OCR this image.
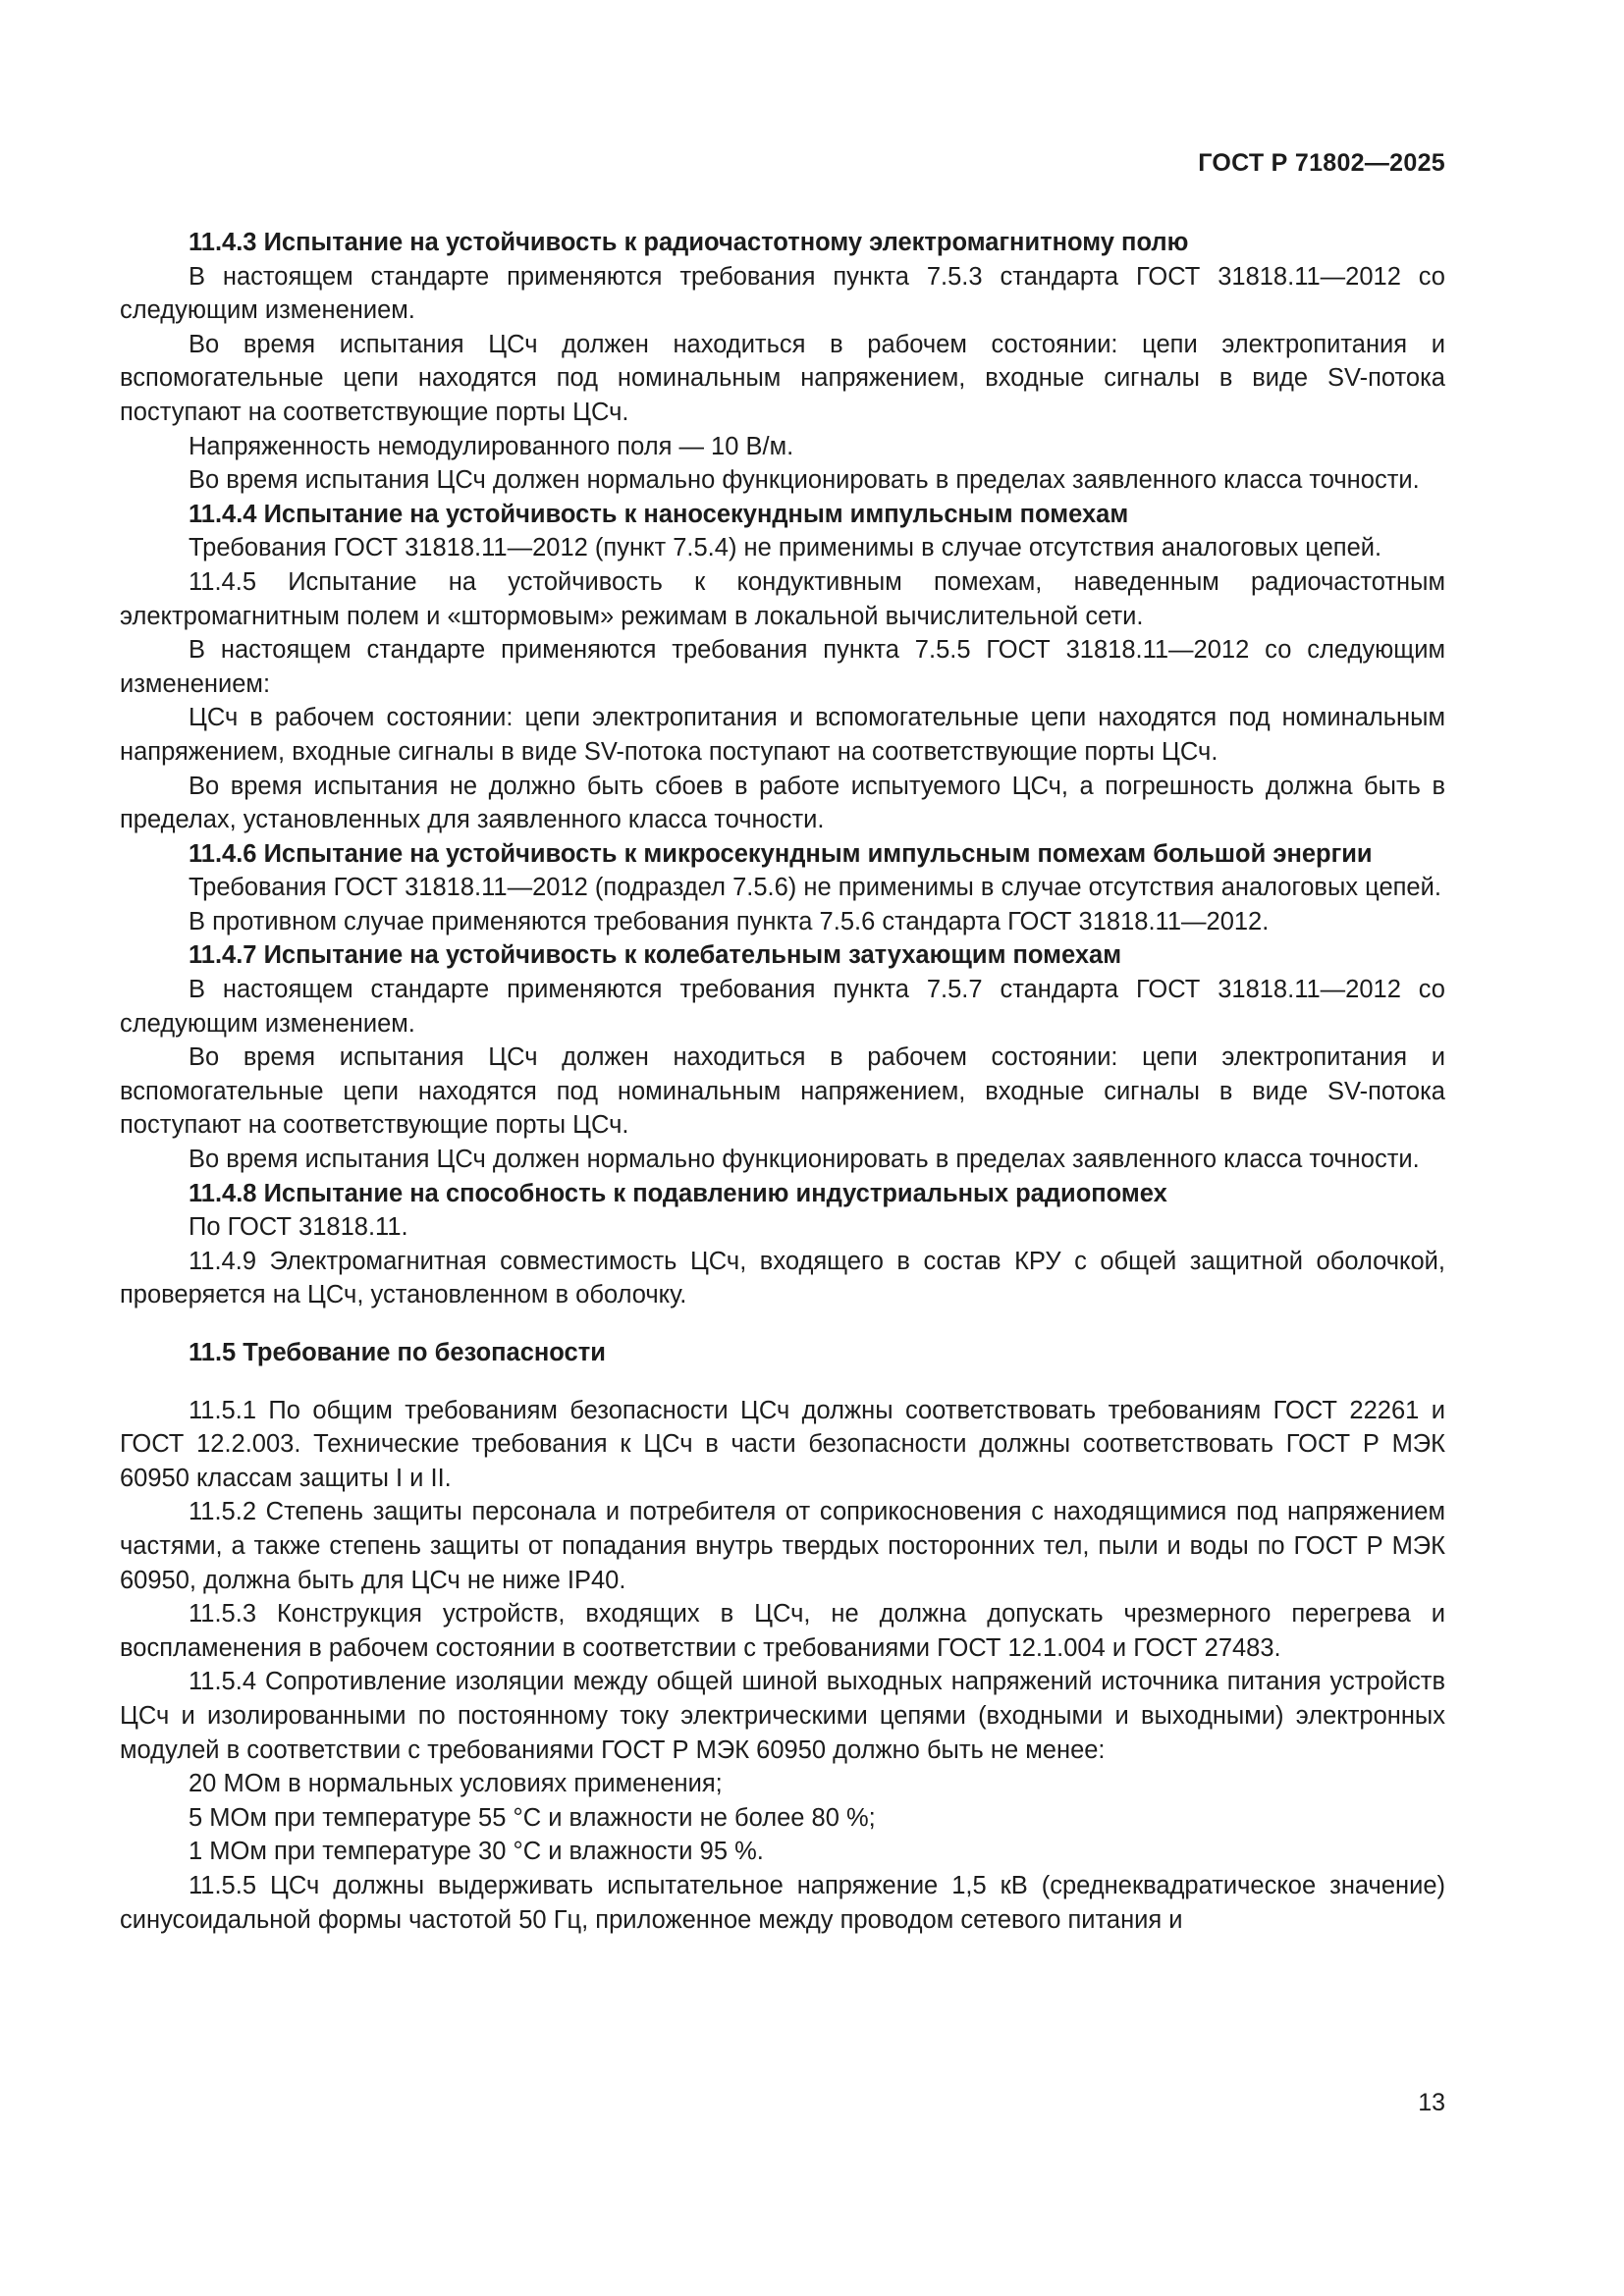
ГОСТ Р 71802—2025

11.4.3 Испытание на устойчивость к радиочастотному электромагнитному полю

В настоящем стандарте применяются требования пункта 7.5.3 стандарта ГОСТ 31818.11—2012 со следующим изменением.

Во время испытания ЦСч должен находиться в рабочем состоянии: цепи электропитания и вспомогательные цепи находятся под номинальным напряжением, входные сигналы в виде SV-потока поступают на соответствующие порты ЦСч.

Напряженность немодулированного поля — 10 В/м.

Во время испытания ЦСч должен нормально функционировать в пределах заявленного класса точности.

11.4.4 Испытание на устойчивость к наносекундным импульсным помехам

Требования ГОСТ 31818.11—2012 (пункт 7.5.4) не применимы в случае отсутствия аналоговых цепей.

11.4.5 Испытание на устойчивость к кондуктивным помехам, наведенным радиочастотным электромагнитным полем и «штормовым» режимам в локальной вычислительной сети.

В настоящем стандарте применяются требования пункта 7.5.5 ГОСТ 31818.11—2012 со следующим изменением:

ЦСч в рабочем состоянии: цепи электропитания и вспомогательные цепи находятся под номинальным напряжением, входные сигналы в виде SV-потока поступают на соответствующие порты ЦСч.

Во время испытания не должно быть сбоев в работе испытуемого ЦСч, а погрешность должна быть в пределах, установленных для заявленного класса точности.

11.4.6 Испытание на устойчивость к микросекундным импульсным помехам большой энергии

Требования ГОСТ 31818.11—2012 (подраздел 7.5.6) не применимы в случае отсутствия аналоговых цепей.

В противном случае применяются требования пункта 7.5.6 стандарта ГОСТ 31818.11—2012.

11.4.7 Испытание на устойчивость к колебательным затухающим помехам

В настоящем стандарте применяются требования пункта 7.5.7 стандарта ГОСТ 31818.11—2012 со следующим изменением.

Во время испытания ЦСч должен находиться в рабочем состоянии: цепи электропитания и вспомогательные цепи находятся под номинальным напряжением, входные сигналы в виде SV-потока поступают на соответствующие порты ЦСч.

Во время испытания ЦСч должен нормально функционировать в пределах заявленного класса точности.

11.4.8 Испытание на способность к подавлению индустриальных радиопомех

По ГОСТ 31818.11.

11.4.9 Электромагнитная совместимость ЦСч, входящего в состав КРУ с общей защитной оболочкой, проверяется на ЦСч, установленном в оболочку.

11.5 Требование по безопасности

11.5.1 По общим требованиям безопасности ЦСч должны соответствовать требованиям ГОСТ 22261 и ГОСТ 12.2.003. Технические требования к ЦСч в части безопасности должны соответствовать ГОСТ Р МЭК 60950 классам защиты I и II.

11.5.2 Степень защиты персонала и потребителя от соприкосновения с находящимися под напряжением частями, а также степень защиты от попадания внутрь твердых посторонних тел, пыли и воды по ГОСТ Р МЭК 60950, должна быть для ЦСч не ниже IP40.

11.5.3 Конструкция устройств, входящих в ЦСч, не должна допускать чрезмерного перегрева и воспламенения в рабочем состоянии в соответствии с требованиями ГОСТ 12.1.004 и ГОСТ 27483.

11.5.4 Сопротивление изоляции между общей шиной выходных напряжений источника питания устройств ЦСч и изолированными по постоянному току электрическими цепями (входными и выходными) электронных модулей в соответствии с требованиями ГОСТ Р МЭК 60950 должно быть не менее:

20 МОм в нормальных условиях применения;

5 МОм при температуре 55 °С и влажности не более 80 %;

1 МОм при температуре 30 °С и влажности 95 %.

11.5.5 ЦСч должны выдерживать испытательное напряжение 1,5 кВ (среднеквадратическое значение) синусоидальной формы частотой 50 Гц, приложенное между проводом сетевого питания и

13
